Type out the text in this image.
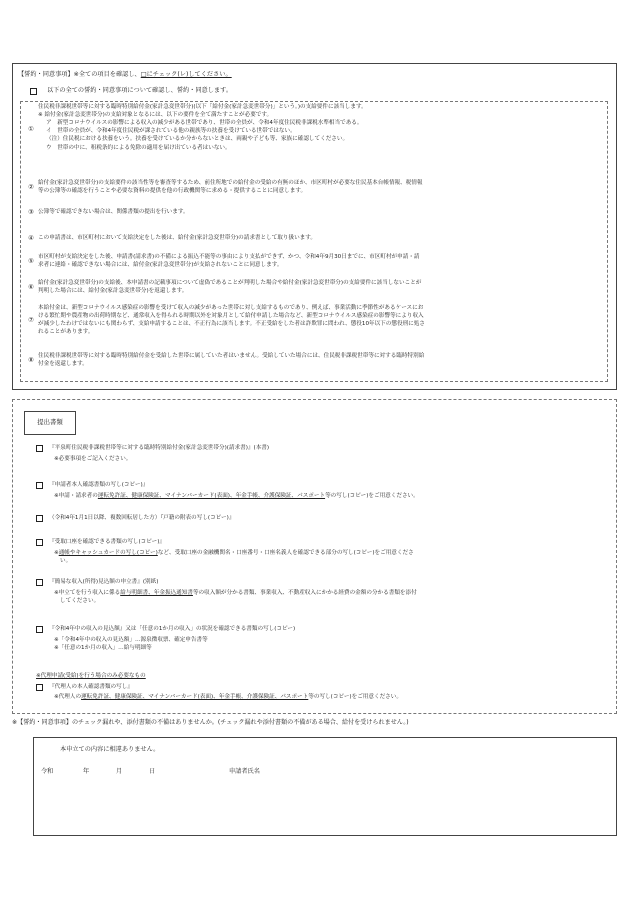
【誓約・同意事項】※全ての項目を確認し、□にチェック(レ)してください。
以下の全ての誓約・同意事項について確認し、誓約・同意します。
①
住民税非課税世帯等に対する臨時特別給付金(家計急変世帯分)(以下「給付金(家計急変世帯分)」という。)の支給要件に該当します。
※ 給付金(家計急変世帯分)の支給対象となるには、以下の要件を全て満たすことが必要です。
ア　新型コロナウイルスの影響による収入の減少がある世帯であり、世帯の全員が、令和4年度住民税非課税水準相当である。
イ　世帯の全員が、令和4年度住民税が課されている他の親族等の扶養を受けている世帯ではない。
（注）住民税における扶養をいう。扶養を受けているか分からないときは、両親や子ども等、家族に確認してください。
ウ　世帯の中に、租税条約による免除の適用を届け出ている者はいない。
② 給付金(家計急変世帯分)の支給要件の該当性等を審査等するため、前住所地での給付金の受給の有無のほか、市区町村が必要な住民基本台帳情報、税情報
等の公簿等の確認を行うことや必要な資料の提供を他の行政機関等に求める・提供することに同意します。
③ 公簿等で確認できない場合は、関係書類の提出を行います。
④ この申請書は、市区町村において支給決定をした後は、給付金(家計急変世帯分)の請求書として取り扱います。
⑤ 市区町村が支給決定をした後、申請書(請求書)の不備による振込不能等の事由により支払ができず、かつ、令和4年9月30日までに、市区町村が申請・請
求者に連絡・確認できない場合には、給付金(家計急変世帯分)が支給されないことに同意します。
⑥ 給付金(家計急変世帯分)の支給後、本申請書の記載事項について虚偽であることが判明した場合や給付金(家計急変世帯分)の支給要件に該当しないことが
判明した場合には、給付金(家計急変世帯分)を返還します。
⑦
本給付金は、新型コロナウイルス感染症の影響を受けて収入の減少があった世帯に対し支給するものであり、例えば、事業活動に季節性があるケースにお
ける繁忙期や農産物の出荷時期など、通常収入を得られる時期以外を対象月として給付申請した場合など、新型コロナウイルス感染症の影響等により収入
が減少したわけではないにも関わらず、支給申請することは、不正行為に該当します。不正受給をした者は詐欺罪に問われ、懲役10年以下の懲役刑に処さ
れることがあります。
⑧ 住民税非課税世帯等に対する臨時特別給付金を受給した世帯に属していた者はいません。受給していた場合には、住民税非課税世帯等に対する臨時特別給
付金を返還します。
提出書類
『平泉町住民税非課税世帯等に対する臨時特別給付金(家計急変世帯分)(請求書)』(本書)
※必要事項をご記入ください。
『申請者本人確認書類の写し(コピー)』
※申請・請求者の運転免許証、健康保険証、マイナンバーカード(表面)、年金手帳、介護保険証、パスポート等の写し(コピー)をご用意ください。
（令和4年1月1日以降、複数回転居した方）『戸籍の附表の写し(コピー)』
『受取口座を確認できる書類の写し(コピー)』
※通帳やキャッシュカードの写し(コピー)など、受取口座の金融機関名・口座番号・口座名義人を確認できる部分の写し(コピー)をご用意くださ
い。
『簡易な収入(所得)見込額の申立書』(別紙)
※申立てを行う収入に係る給与明細書、年金振込通知書等の収入額が分かる書類、事業収入、不動産収入にかかる経費の金額の分かる書類を添付
してください。
『令和4年中の収入の見込額』又は「任意の1か月の収入」の状況を確認できる書類の写し(コピー)
※「令和4年中の収入の見込額」…源泉徴収票、確定申告書等
※「任意の1か月の収入」…給与明細等
※代理申請(受給)を行う場合のみ必要なもの
『代理人の本人確認書類の写し』
※代理人の運転免許証、健康保険証、マイナンバーカード(表面)、年金手帳、介護保険証、パスポート等の写し(コピー)をご用意ください。
※【誓約・同意事項】のチェック漏れや、添付書類の不備はありませんか。(チェック漏れや添付書類の不備がある場合、給付を受けられません。)
本申立ての内容に相違ありません。
令和	年	月	日	申請者氏名
